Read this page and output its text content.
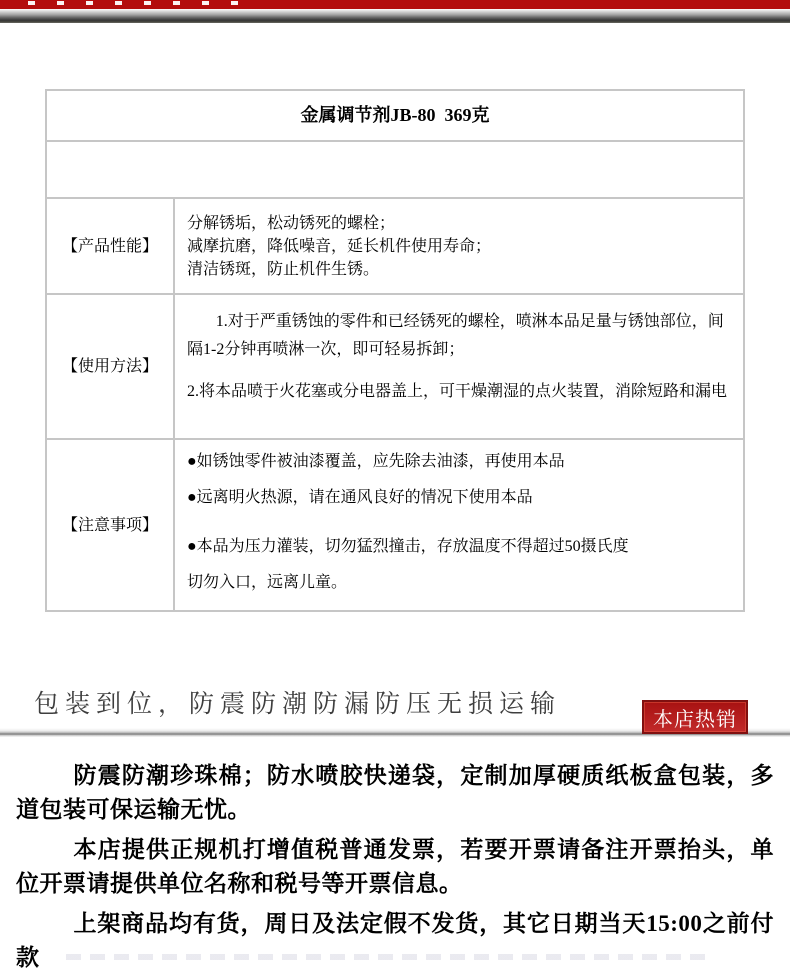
金属调节剂JB-80  369克
【产品性能】
分解锈垢，松动锈死的螺栓；
减摩抗磨，降低噪音，延长机件使用寿命；
清洁锈斑，防止机件生锈。
【使用方法】
1.对于严重锈蚀的零件和已经锈死的螺栓，喷淋本品足量与锈蚀部位，间隔1-2分钟再喷淋一次，即可轻易拆卸；
2.将本品喷于火花塞或分电器盖上，可干燥潮湿的点火装置，消除短路和漏电
【注意事项】
●如锈蚀零件被油漆覆盖，应先除去油漆，再使用本品
●远离明火热源，请在通风良好的情况下使用本品
●本品为压力灌装，切勿猛烈撞击，存放温度不得超过50摄氏度
切勿入口，远离儿童。
包装到位，防震防潮防漏防压无损运输
本店热销

防震防潮珍珠棉；防水喷胶快递袋，定制加厚硬质纸板盒包装，多道包装可保运输无忧。

本店提供正规机打增值税普通发票，若要开票请备注开票抬头，单位开票请提供单位名称和税号等开票信息。

上架商品均有货，周日及法定假不发货，其它日期当天15:00之前付款
